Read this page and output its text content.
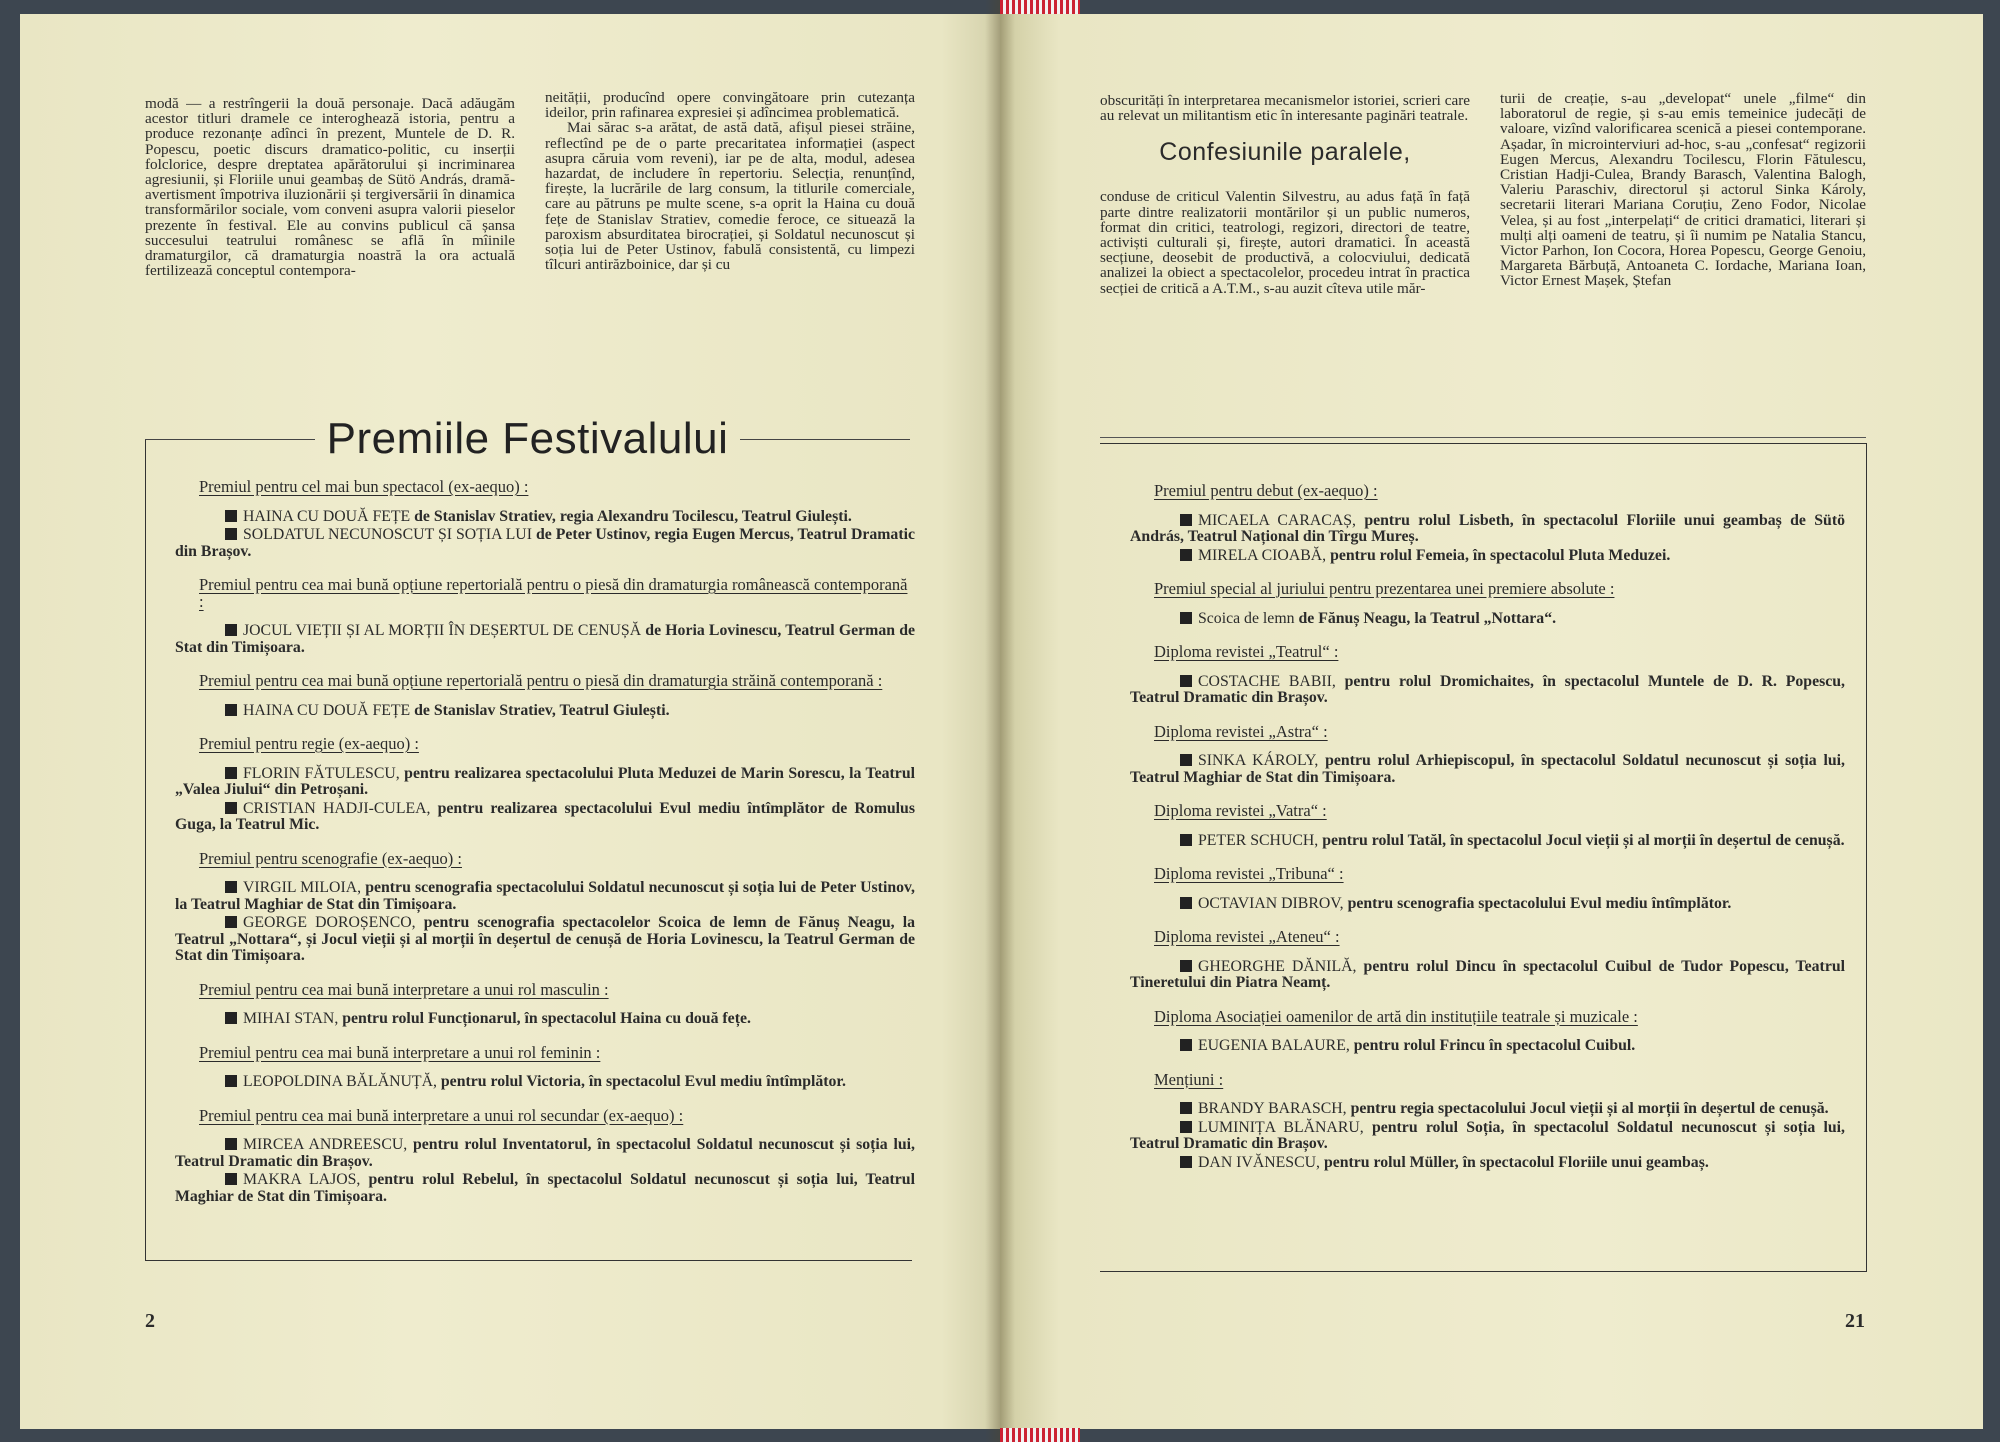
modă — a restrîngerii la două personaje. Dacă adăugăm acestor titluri dramele ce interoghează istoria, pentru a produce rezonanțe adînci în prezent, Muntele de D. R. Popescu, poetic discurs dramatico-politic, cu inserții folclorice, despre dreptatea apărătorului și incriminarea agresiunii, și Floriile unui geambaș de Sütö András, dramă-avertisment împotriva iluzionării și tergiversării în dinamica transformărilor sociale, vom conveni asupra valorii pieselor prezente în festival. Ele au convins publicul că șansa succesului teatrului românesc se află în mîinile dramaturgilor, că dramaturgia noastră la ora actuală fertilizează conceptul contempora-

neității, producînd opere convingătoare prin cutezanța ideilor, prin rafinarea expresiei și adîncimea problematică.

Mai sărac s-a arătat, de astă dată, afișul piesei străine, reflectînd pe de o parte precaritatea informației (aspect asupra căruia vom reveni), iar pe de alta, modul, adesea hazardat, de includere în repertoriu. Selecția, renunțînd, firește, la lucrările de larg consum, la titlurile comerciale, care au pătruns pe multe scene, s-a oprit la Haina cu două fețe de Stanislav Stratiev, comedie feroce, ce situează la paroxism absurditatea birocrației, și Soldatul necunoscut și soția lui de Peter Ustinov, fabulă consistentă, cu limpezi tîlcuri antirăzboinice, dar și cu

Premiile Festivalului
Premiul pentru cel mai bun spectacol (ex-aequo) :
HAINA CU DOUĂ FEȚE de Stanislav Stratiev, regia Alexandru Tocilescu, Teatrul Giulești.
SOLDATUL NECUNOSCUT ȘI SOȚIA LUI de Peter Ustinov, regia Eugen Mercus, Teatrul Dramatic din Brașov.
Premiul pentru cea mai bună opțiune repertorială pentru o piesă din dramaturgia românească contemporană :
JOCUL VIEȚII ȘI AL MORȚII ÎN DEȘERTUL DE CENUȘĂ de Horia Lovinescu, Teatrul German de Stat din Timișoara.
Premiul pentru cea mai bună opțiune repertorială pentru o piesă din dramaturgia străină contemporană :
HAINA CU DOUĂ FEȚE de Stanislav Stratiev, Teatrul Giulești.
Premiul pentru regie (ex-aequo) :
FLORIN FĂTULESCU, pentru realizarea spectacolului Pluta Meduzei de Marin Sorescu, la Teatrul „Valea Jiului“ din Petroșani.
CRISTIAN HADJI-CULEA, pentru realizarea spectacolului Evul mediu întîmplător de Romulus Guga, la Teatrul Mic.
Premiul pentru scenografie (ex-aequo) :
VIRGIL MILOIA, pentru scenografia spectacolului Soldatul necunoscut și soția lui de Peter Ustinov, la Teatrul Maghiar de Stat din Timișoara.
GEORGE DOROȘENCO, pentru scenografia spectacolelor Scoica de lemn de Fănuș Neagu, la Teatrul „Nottara“, și Jocul vieții și al morții în deșertul de cenușă de Horia Lovinescu, la Teatrul German de Stat din Timișoara.
Premiul pentru cea mai bună interpretare a unui rol masculin :
MIHAI STAN, pentru rolul Funcționarul, în spectacolul Haina cu două fețe.
Premiul pentru cea mai bună interpretare a unui rol feminin :
LEOPOLDINA BĂLĂNUȚĂ, pentru rolul Victoria, în spectacolul Evul mediu întîmplător.
Premiul pentru cea mai bună interpretare a unui rol secundar (ex-aequo) :
MIRCEA ANDREESCU, pentru rolul Inventatorul, în spectacolul Soldatul necunoscut și soția lui, Teatrul Dramatic din Brașov.
MAKRA LAJOS, pentru rolul Rebelul, în spectacolul Soldatul necunoscut și soția lui, Teatrul Maghiar de Stat din Timișoara.
Premiul pentru debut (ex-aequo) :
MICAELA CARACAȘ, pentru rolul Lisbeth, în spectacolul Floriile unui geambaș de Sütö András, Teatrul Național din Tîrgu Mureș.
MIRELA CIOABĂ, pentru rolul Femeia, în spectacolul Pluta Meduzei.
Premiul special al juriului pentru prezentarea unei premiere absolute :
Scoica de lemn de Fănuș Neagu, la Teatrul „Nottara“.
Diploma revistei „Teatrul“ :
COSTACHE BABII, pentru rolul Dromichaites, în spectacolul Muntele de D. R. Popescu, Teatrul Dramatic din Brașov.
Diploma revistei „Astra“ :
SINKA KÁROLY, pentru rolul Arhiepiscopul, în spectacolul Soldatul necunoscut și soția lui, Teatrul Maghiar de Stat din Timișoara.
Diploma revistei „Vatra“ :
PETER SCHUCH, pentru rolul Tatăl, în spectacolul Jocul vieții și al morții în deșertul de cenușă.
Diploma revistei „Tribuna“ :
OCTAVIAN DIBROV, pentru scenografia spectacolului Evul mediu întîmplător.
Diploma revistei „Ateneu“ :
GHEORGHE DĂNILĂ, pentru rolul Dincu în spectacolul Cuibul de Tudor Popescu, Teatrul Tineretului din Piatra Neamț.
Diploma Asociației oamenilor de artă din instituțiile teatrale și muzicale :
EUGENIA BALAURE, pentru rolul Frincu în spectacolul Cuibul.
Mențiuni :
BRANDY BARASCH, pentru regia spectacolului Jocul vieții și al morții în deșertul de cenușă.
LUMINIȚA BLĂNARU, pentru rolul Soția, în spectacolul Soldatul necunoscut și soția lui, Teatrul Dramatic din Brașov.
DAN IVĂNESCU, pentru rolul Müller, în spectacolul Floriile unui geambaș.

obscurități în interpretarea mecanismelor istoriei, scrieri care au relevat un militantism etic în interesante paginări teatrale.

Confesiunile paralele,

conduse de criticul Valentin Silvestru, au adus față în față parte dintre realizatorii montărilor și un public numeros, format din critici, teatrologi, regizori, directori de teatre, activiști culturali și, firește, autori dramatici. În această secțiune, deosebit de productivă, a colocviului, dedicată analizei la obiect a spectacolelor, procedeu intrat în practica secției de critică a A.T.M., s-au auzit cîteva utile măr-

turii de creație, s-au „developat“ unele „filme“ din laboratorul de regie, și s-au emis temeinice judecăți de valoare, vizînd valorificarea scenică a piesei contemporane. Așadar, în microinterviuri ad-hoc, s-au „confesat“ regizorii Eugen Mercus, Alexandru Tocilescu, Florin Fătulescu, Cristian Hadji-Culea, Brandy Barasch, Valentina Balogh, Valeriu Paraschiv, directorul și actorul Sinka Károly, secretarii literari Mariana Coruțiu, Zeno Fodor, Nicolae Velea, și au fost „interpelați“ de critici dramatici, literari și mulți alți oameni de teatru, și îi numim pe Natalia Stancu, Victor Parhon, Ion Cocora, Horea Popescu, George Genoiu, Margareta Bărbuță, Antoaneta C. Iordache, Mariana Ioan, Victor Ernest Mașek, Ștefan

2	21
